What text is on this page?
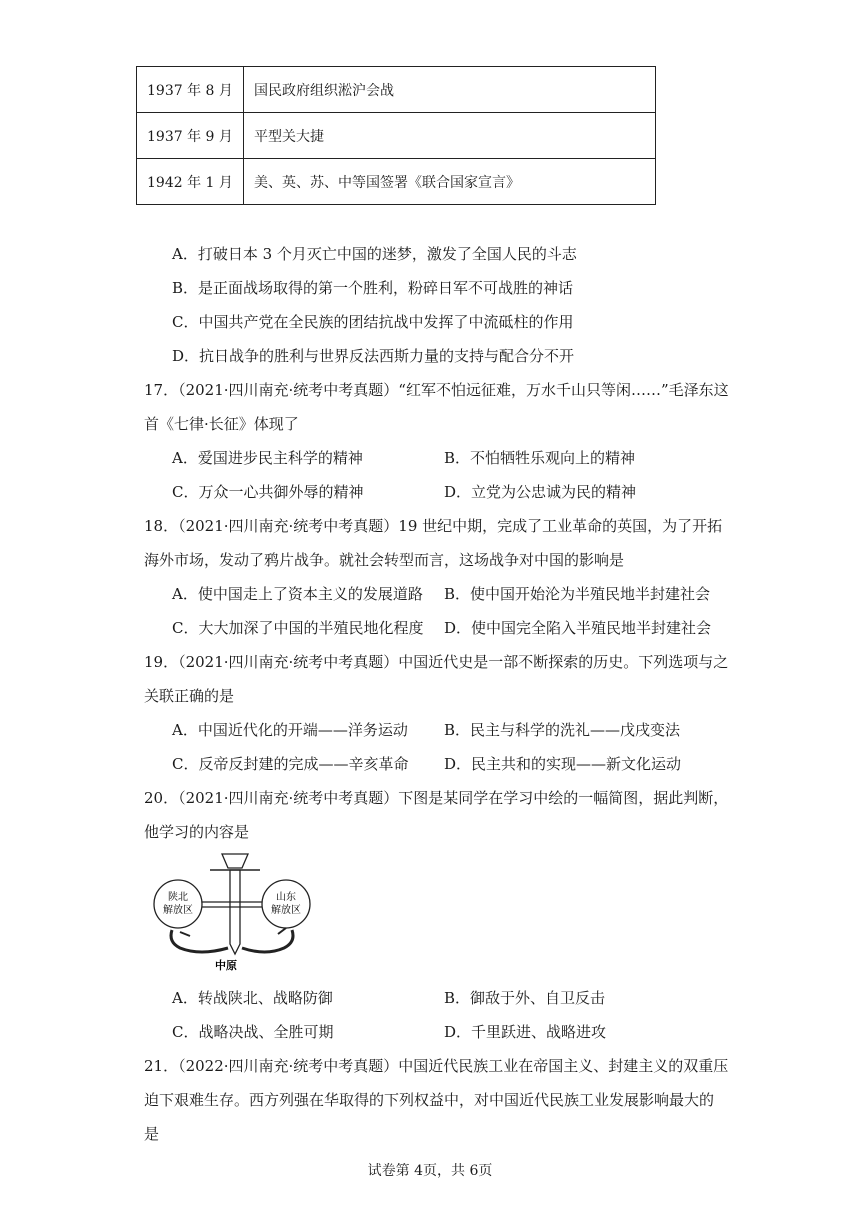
1937 年 8 月	国民政府组织淞沪会战
1937 年 9 月	平型关大捷
1942 年 1 月	美、英、苏、中等国签署《联合国家宣言》
A．打破日本 3 个月灭亡中国的迷梦，激发了全国人民的斗志
B．是正面战场取得的第一个胜利，粉碎日军不可战胜的神话
C．中国共产党在全民族的团结抗战中发挥了中流砥柱的作用
D．抗日战争的胜利与世界反法西斯力量的支持与配合分不开
17．（2021·四川南充·统考中考真题）“红军不怕远征难，万水千山只等闲……”毛泽东这
首《七律·长征》体现了
A．爱国进步民主科学的精神	B．不怕牺牲乐观向上的精神
C．万众一心共御外辱的精神	D．立党为公忠诚为民的精神
18．（2021·四川南充·统考中考真题）19 世纪中期，完成了工业革命的英国，为了开拓
海外市场，发动了鸦片战争。就社会转型而言，这场战争对中国的影响是
A．使中国走上了资本主义的发展道路 B．使中国开始沦为半殖民地半封建社会
C．大大加深了中国的半殖民地化程度 D．使中国完全陷入半殖民地半封建社会
19．（2021·四川南充·统考中考真题）中国近代史是一部不断探索的历史。下列选项与之
关联正确的是
A．中国近代化的开端——洋务运动 B．民主与科学的洗礼——戊戌变法
C．反帝反封建的完成——辛亥革命 D．民主共和的实现——新文化运动
20．（2021·四川南充·统考中考真题）下图是某同学在学习中绘的一幅简图，据此判断，
他学习的内容是
陕北
解放区
山东
解放区
中原
A．转战陕北、战略防御	B．御敌于外、自卫反击
C．战略决战、全胜可期	D．千里跃进、战略进攻
21．（2022·四川南充·统考中考真题）中国近代民族工业在帝国主义、封建主义的双重压
迫下艰难生存。西方列强在华取得的下列权益中，对中国近代民族工业发展影响最大的
是
试卷第 4页，共 6页
